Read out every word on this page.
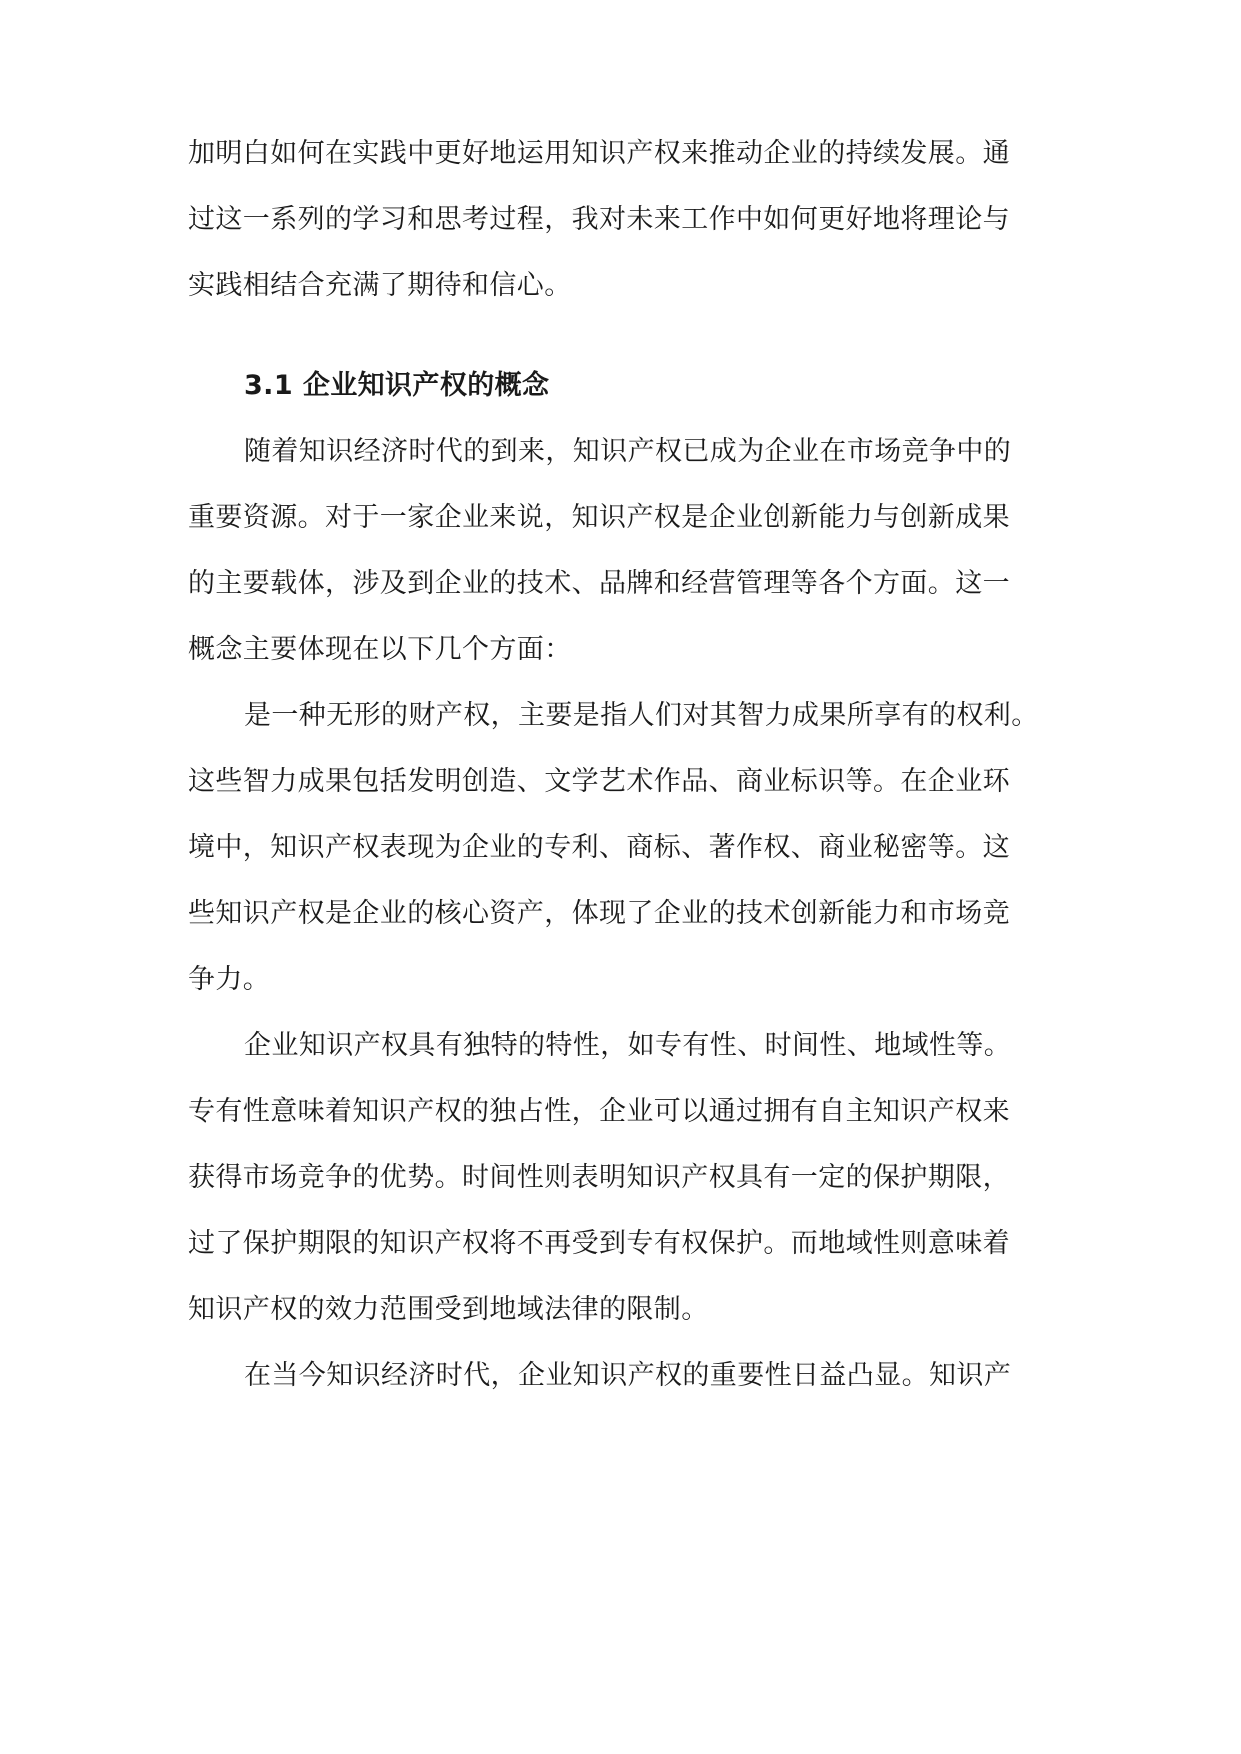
加明白如何在实践中更好地运用知识产权来推动企业的持续发展。通
过这一系列的学习和思考过程，我对未来工作中如何更好地将理论与
实践相结合充满了期待和信心。
3.1 企业知识产权的概念
随着知识经济时代的到来，知识产权已成为企业在市场竞争中的
重要资源。对于一家企业来说，知识产权是企业创新能力与创新成果
的主要载体，涉及到企业的技术、品牌和经营管理等各个方面。这一
概念主要体现在以下几个方面：
是一种无形的财产权，主要是指人们对其智力成果所享有的权利。
这些智力成果包括发明创造、文学艺术作品、商业标识等。在企业环
境中，知识产权表现为企业的专利、商标、著作权、商业秘密等。这
些知识产权是企业的核心资产，体现了企业的技术创新能力和市场竞
争力。
企业知识产权具有独特的特性，如专有性、时间性、地域性等。
专有性意味着知识产权的独占性，企业可以通过拥有自主知识产权来
获得市场竞争的优势。时间性则表明知识产权具有一定的保护期限，
过了保护期限的知识产权将不再受到专有权保护。而地域性则意味着
知识产权的效力范围受到地域法律的限制。
在当今知识经济时代，企业知识产权的重要性日益凸显。知识产
